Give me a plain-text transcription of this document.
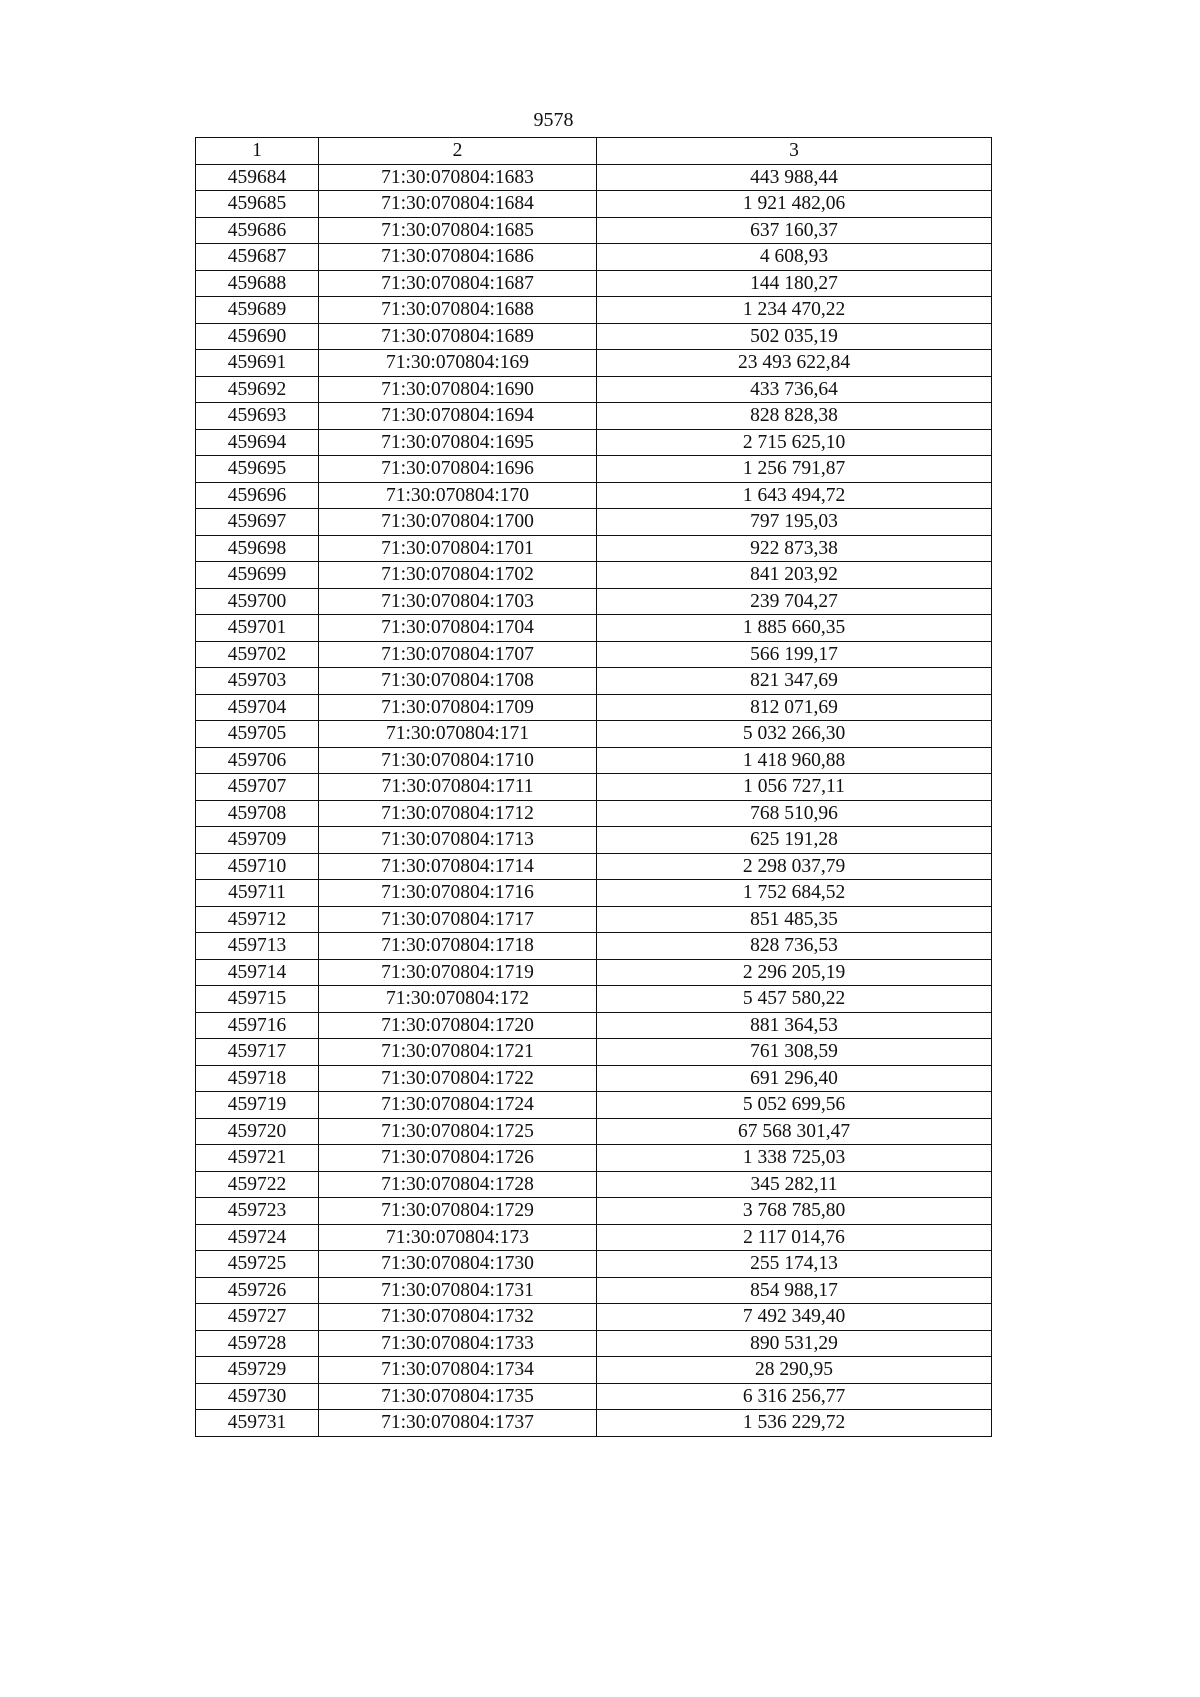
9578
1	2	3
459684	71:30:070804:1683	443 988,44
459685	71:30:070804:1684	1 921 482,06
459686	71:30:070804:1685	637 160,37
459687	71:30:070804:1686	4 608,93
459688	71:30:070804:1687	144 180,27
459689	71:30:070804:1688	1 234 470,22
459690	71:30:070804:1689	502 035,19
459691	71:30:070804:169	23 493 622,84
459692	71:30:070804:1690	433 736,64
459693	71:30:070804:1694	828 828,38
459694	71:30:070804:1695	2 715 625,10
459695	71:30:070804:1696	1 256 791,87
459696	71:30:070804:170	1 643 494,72
459697	71:30:070804:1700	797 195,03
459698	71:30:070804:1701	922 873,38
459699	71:30:070804:1702	841 203,92
459700	71:30:070804:1703	239 704,27
459701	71:30:070804:1704	1 885 660,35
459702	71:30:070804:1707	566 199,17
459703	71:30:070804:1708	821 347,69
459704	71:30:070804:1709	812 071,69
459705	71:30:070804:171	5 032 266,30
459706	71:30:070804:1710	1 418 960,88
459707	71:30:070804:1711	1 056 727,11
459708	71:30:070804:1712	768 510,96
459709	71:30:070804:1713	625 191,28
459710	71:30:070804:1714	2 298 037,79
459711	71:30:070804:1716	1 752 684,52
459712	71:30:070804:1717	851 485,35
459713	71:30:070804:1718	828 736,53
459714	71:30:070804:1719	2 296 205,19
459715	71:30:070804:172	5 457 580,22
459716	71:30:070804:1720	881 364,53
459717	71:30:070804:1721	761 308,59
459718	71:30:070804:1722	691 296,40
459719	71:30:070804:1724	5 052 699,56
459720	71:30:070804:1725	67 568 301,47
459721	71:30:070804:1726	1 338 725,03
459722	71:30:070804:1728	345 282,11
459723	71:30:070804:1729	3 768 785,80
459724	71:30:070804:173	2 117 014,76
459725	71:30:070804:1730	255 174,13
459726	71:30:070804:1731	854 988,17
459727	71:30:070804:1732	7 492 349,40
459728	71:30:070804:1733	890 531,29
459729	71:30:070804:1734	28 290,95
459730	71:30:070804:1735	6 316 256,77
459731	71:30:070804:1737	1 536 229,72
